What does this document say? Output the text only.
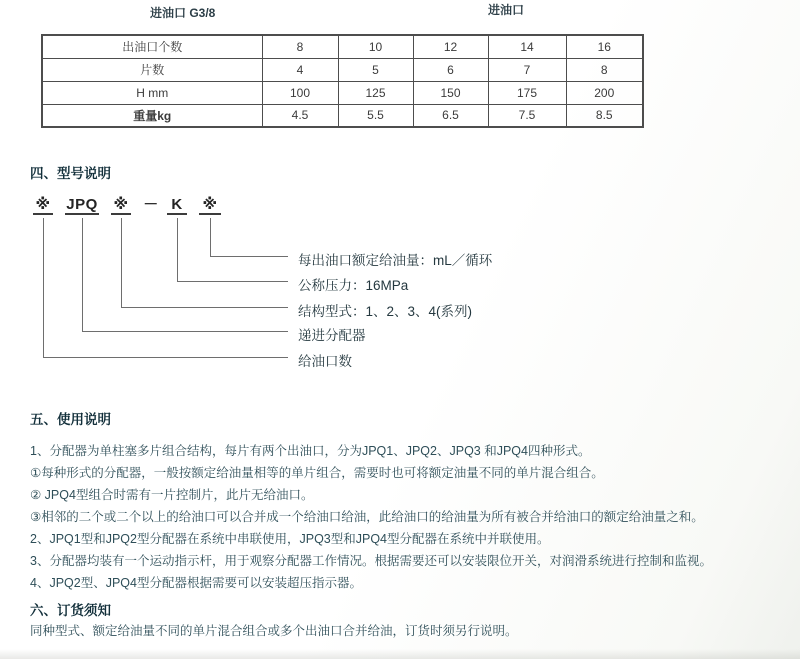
进油口 G3/8	进油口
出油口个数	8	10	12	14	16
片数	4	5	6	7	8
H mm	100	125	150	175	200
重量kg	4.5	5.5	6.5	7.5	8.5
四、型号说明
※ JPQ ※ － K ※
每出油口额定给油量：mL／循环
公称压力：16MPa
结构型式：1、2、3、4(系列)
递进分配器
给油口数
五、使用说明
1、分配器为单柱塞多片组合结构，每片有两个出油口，分为JPQ1、JPQ2、JPQ3 和JPQ4四种形式。
①每种形式的分配器，一般按额定给油量相等的单片组合，需要时也可将额定油量不同的单片混合组合。
② JPQ4型组合时需有一片控制片，此片无给油口。
③相邻的二个或二个以上的给油口可以合并成一个给油口给油，此给油口的给油量为所有被合并给油口的额定给油量之和。
2、JPQ1型和JPQ2型分配器在系统中串联使用，JPQ3型和JPQ4型分配器在系统中并联使用。
3、分配器均装有一个运动指示杆，用于观察分配器工作情况。根据需要还可以安装限位开关，对润滑系统进行控制和监视。
4、JPQ2型、JPQ4型分配器根据需要可以安装超压指示器。
六、订货须知
同种型式、额定给油量不同的单片混合组合或多个出油口合并给油，订货时须另行说明。
